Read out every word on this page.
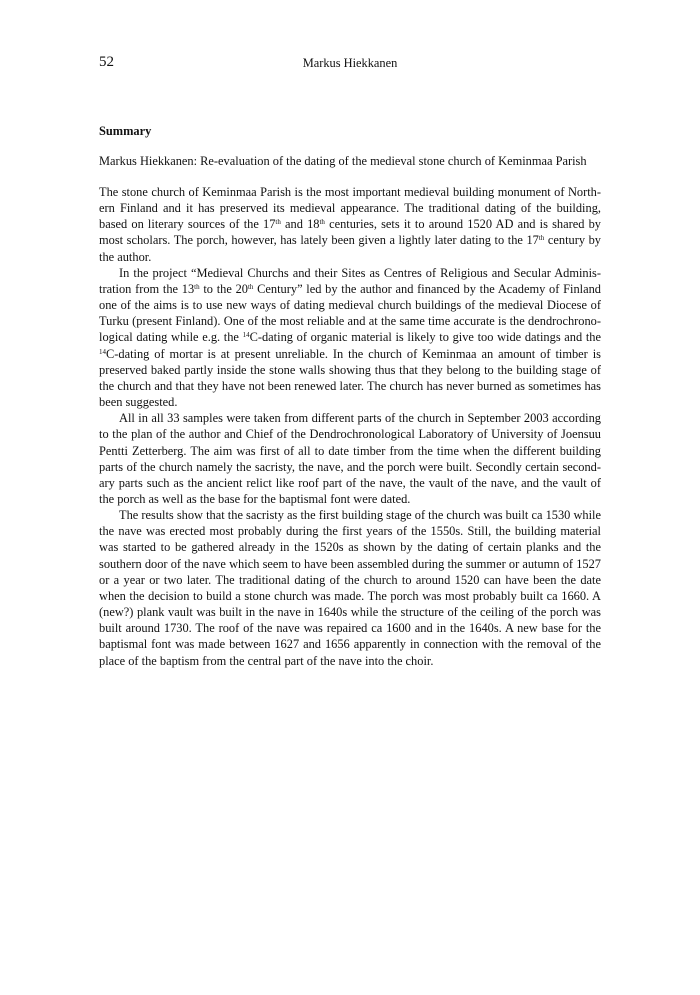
52	Markus Hiekkanen
Summary
Markus Hiekkanen: Re-evaluation of the dating of the medieval stone church of Keminmaa Parish

The stone church of Keminmaa Parish is the most important medieval building monument of North-ern Finland and it has preserved its medieval appearance. The traditional dating of the building, based on literary sources of the 17th and 18th centuries, sets it to around 1520 AD and is shared by most scholars. The porch, however, has lately been given a lightly later dating to the 17th century by the author.

In the project “Medieval Churchs and their Sites as Centres of Religious and Secular Adminis-tration from the 13th to the 20th Century” led by the author and financed by the Academy of Finland one of the aims is to use new ways of dating medieval church buildings of the medieval Diocese of Turku (present Finland). One of the most reliable and at the same time accurate is the dendrochrono-logical dating while e.g. the $^{14}$C-dating of organic material is likely to give too wide datings and the $^{14}$C-dating of mortar is at present unreliable. In the church of Keminmaa an amount of timber is preserved baked partly inside the stone walls showing thus that they belong to the building stage of the church and that they have not been renewed later. The church has never burned as sometimes has been suggested.

All in all 33 samples were taken from different parts of the church in September 2003 according to the plan of the author and Chief of the Dendrochronological Laboratory of University of Joensuu Pentti Zetterberg. The aim was first of all to date timber from the time when the different building parts of the church namely the sacristy, the nave, and the porch were built. Secondly certain second-ary parts such as the ancient relict like roof part of the nave, the vault of the nave, and the vault of the porch as well as the base for the baptismal font were dated.

The results show that the sacristy as the first building stage of the church was built ca 1530 while the nave was erected most probably during the first years of the 1550s. Still, the building material was started to be gathered already in the 1520s as shown by the dating of certain planks and the southern door of the nave which seem to have been assembled during the summer or autumn of 1527 or a year or two later. The traditional dating of the church to around 1520 can have been the date when the decision to build a stone church was made. The porch was most probably built ca 1660. A (new?) plank vault was built in the nave in 1640s while the structure of the ceiling of the porch was built around 1730. The roof of the nave was repaired ca 1600 and in the 1640s. A new base for the baptismal font was made between 1627 and 1656 apparently in connection with the removal of the place of the baptism from the central part of the nave into the choir.
